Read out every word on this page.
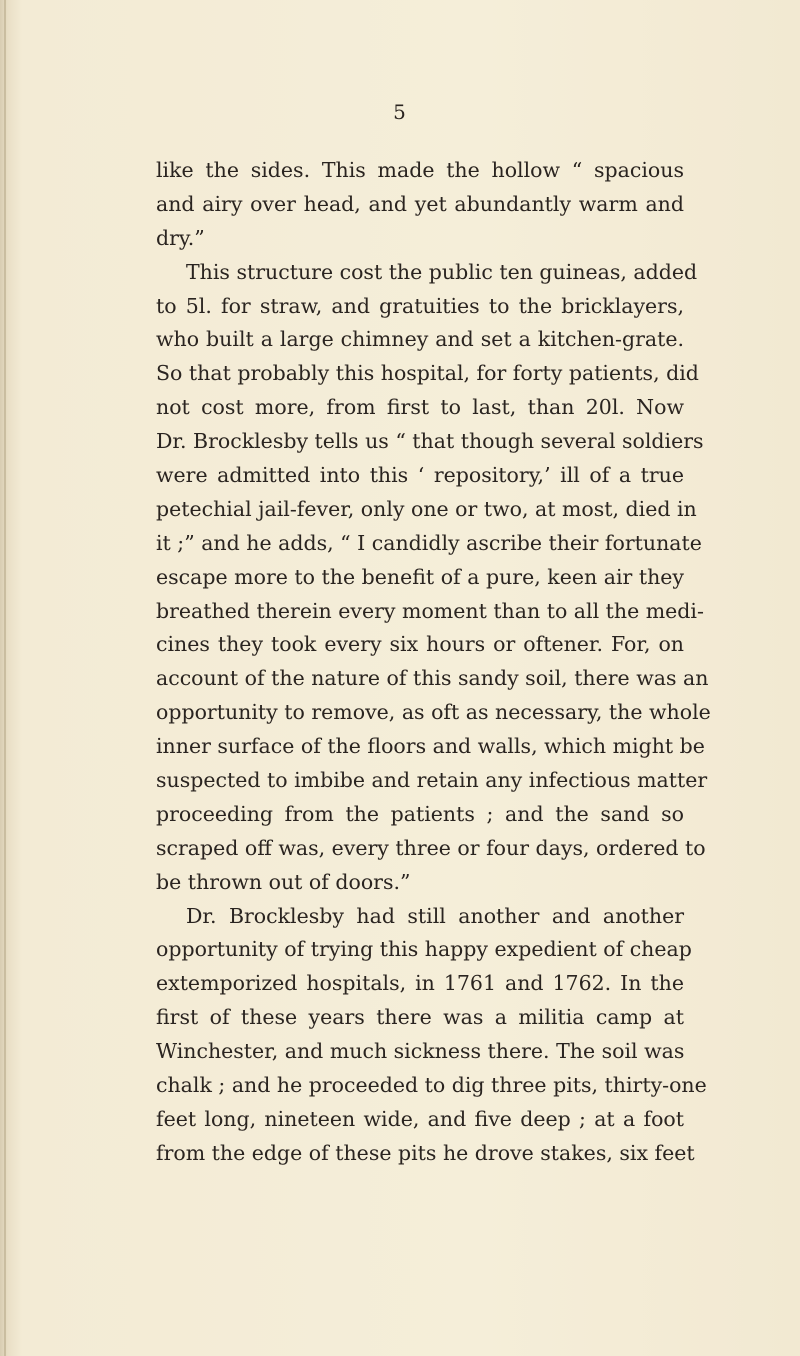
5
like the sides. This made the hollow “ spacious
and airy over head, and yet abundantly warm and
dry.”
This structure cost the public ten guineas, added
to 5l. for straw, and gratuities to the bricklayers,
who built a large chimney and set a kitchen-grate.
So that probably this hospital, for forty patients, did
not cost more, from first to last, than 20l. Now
Dr. Brocklesby tells us “ that though several soldiers
were admitted into this ‘ repository,’ ill of a true
petechial jail-fever, only one or two, at most, died in
it ;” and he adds, “ I candidly ascribe their fortunate
escape more to the benefit of a pure, keen air they
breathed therein every moment than to all the medi-
cines they took every six hours or oftener. For, on
account of the nature of this sandy soil, there was an
opportunity to remove, as oft as necessary, the whole
inner surface of the floors and walls, which might be
suspected to imbibe and retain any infectious matter
proceeding from the patients ; and the sand so
scraped off was, every three or four days, ordered to
be thrown out of doors.”
Dr. Brocklesby had still another and another
opportunity of trying this happy expedient of cheap
extemporized hospitals, in 1761 and 1762. In the
first of these years there was a militia camp at
Winchester, and much sickness there. The soil was
chalk ; and he proceeded to dig three pits, thirty-one
feet long, nineteen wide, and five deep ; at a foot
from the edge of these pits he drove stakes, six feet
